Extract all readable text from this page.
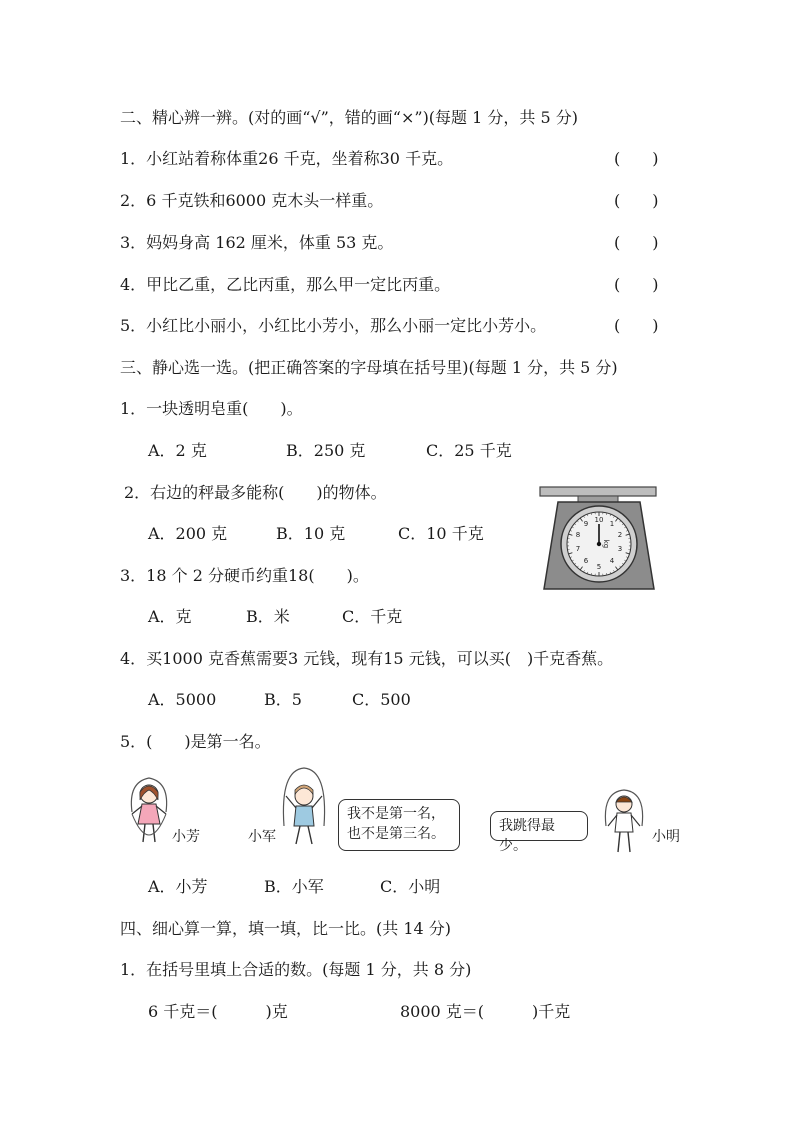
二、精心辨一辨。(对的画“√”，错的画“×”)(每题 1 分，共 5 分)
1．小红站着称体重26 千克，坐着称30 千克。	(　　)
2．6 千克铁和6000 克木头一样重。	(　　)
3．妈妈身高 162 厘米，体重 53 克。	(　　)
4．甲比乙重，乙比丙重，那么甲一定比丙重。	(　　)
5．小红比小丽小，小红比小芳小，那么小丽一定比小芳小。	(　　)
三、静心选一选。(把正确答案的字母填在括号里)(每题 1 分，共 5 分)
1．一块透明皂重(　　)。
A．2 克	B．250 克	C．25 千克
2．右边的秤最多能称(　　)的物体。
A．200 克	B．10 克	C．10 千克
10 1
2
3
4
5
6
7
8
9
kg
3．18 个 2 分硬币约重18(　　)。
A．克	B．米	C．千克
4．买1000 克香蕉需要3 元钱，现有15 元钱，可以买(　)千克香蕉。
A．5000	B．5	C．500
5．(　　)是第一名。
小芳	小军
我不是第一名，
也不是第三名。	我跳得最少。
小明
A．小芳	B．小军	C．小明
四、细心算一算，填一填，比一比。(共 14 分)
1．在括号里填上合适的数。(每题 1 分，共 8 分)
6 千克＝(　　　)克	8000 克＝(　　　)千克
